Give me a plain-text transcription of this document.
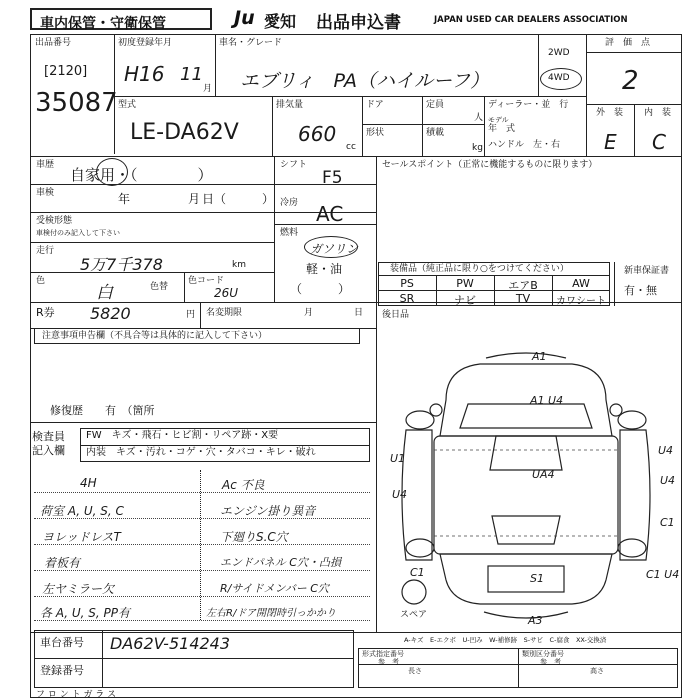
車内保管・守衛保管	Ju 愛知 出品申込書	JAPAN USED CAR DEALERS ASSOCIATION
出品番号
[2120]
35087
初度登録年月
H16 11
月
車名・グレード
エブリィ　PA（ハイルーフ）
2WD
4WD
評　価　点
2
外　装 内　装
E C
型式
LE-DA62V
排気量
660
cc
ドア	定員
人
形状	積載
kg
ディーラー・並　行
モデル
年　式
ハンドル　左・右
車歴
自家用・（　　　　）
車検	年	月 日（　　　）
受検形態
車検付のみ記入して下さい
走行
5万7千378	km
色
白	色替
色コード
26U
シフト
F5
冷房 AC
燃料
ガソリン
軽・油
（　　　）
セールスポイント（正常に機能するものに限ります）
装備品（純正品に限り○をつけてください）
PS	PW	エアB	AW
SR	ナビ	TV	カワシート
新車保証書
有・無
R券 5820	円 名変期限	月	日 後日品
注意事項申告欄（不具合等は具体的に記入して下さい）
修復歴　　有　（箇所
検査員
記入欄
FW　キズ・飛石・ヒビ割・リペア跡・X要
内装　キズ・汚れ・コゲ・穴・タバコ・キレ・破れ
4H
荷室 A, U, S, C
ヨレッドレスT
着板有
左ヤミラー欠
各 A, U, S, PP有
Ac 不良
エンジン掛り異音
下廻りS.C穴
エンドパネル C穴・凸損
R/サイドメンバー C穴
左右R/ドア開閉時引っかかり
A1
A1 U4
U1
U4
U4
C1
UA4
U4
S1
C1	C1 U4
A3
スペア
A-キズ　E-エクボ　U-凹み　W-補修跡　S-サビ　C-腐食　XX-交換済
車台番号 DA62V-514243
登録番号
形式指定番号
参　考
長さ
類別区分番号
参　考
高さ
フ ロ ン ト ガ ラ ス
